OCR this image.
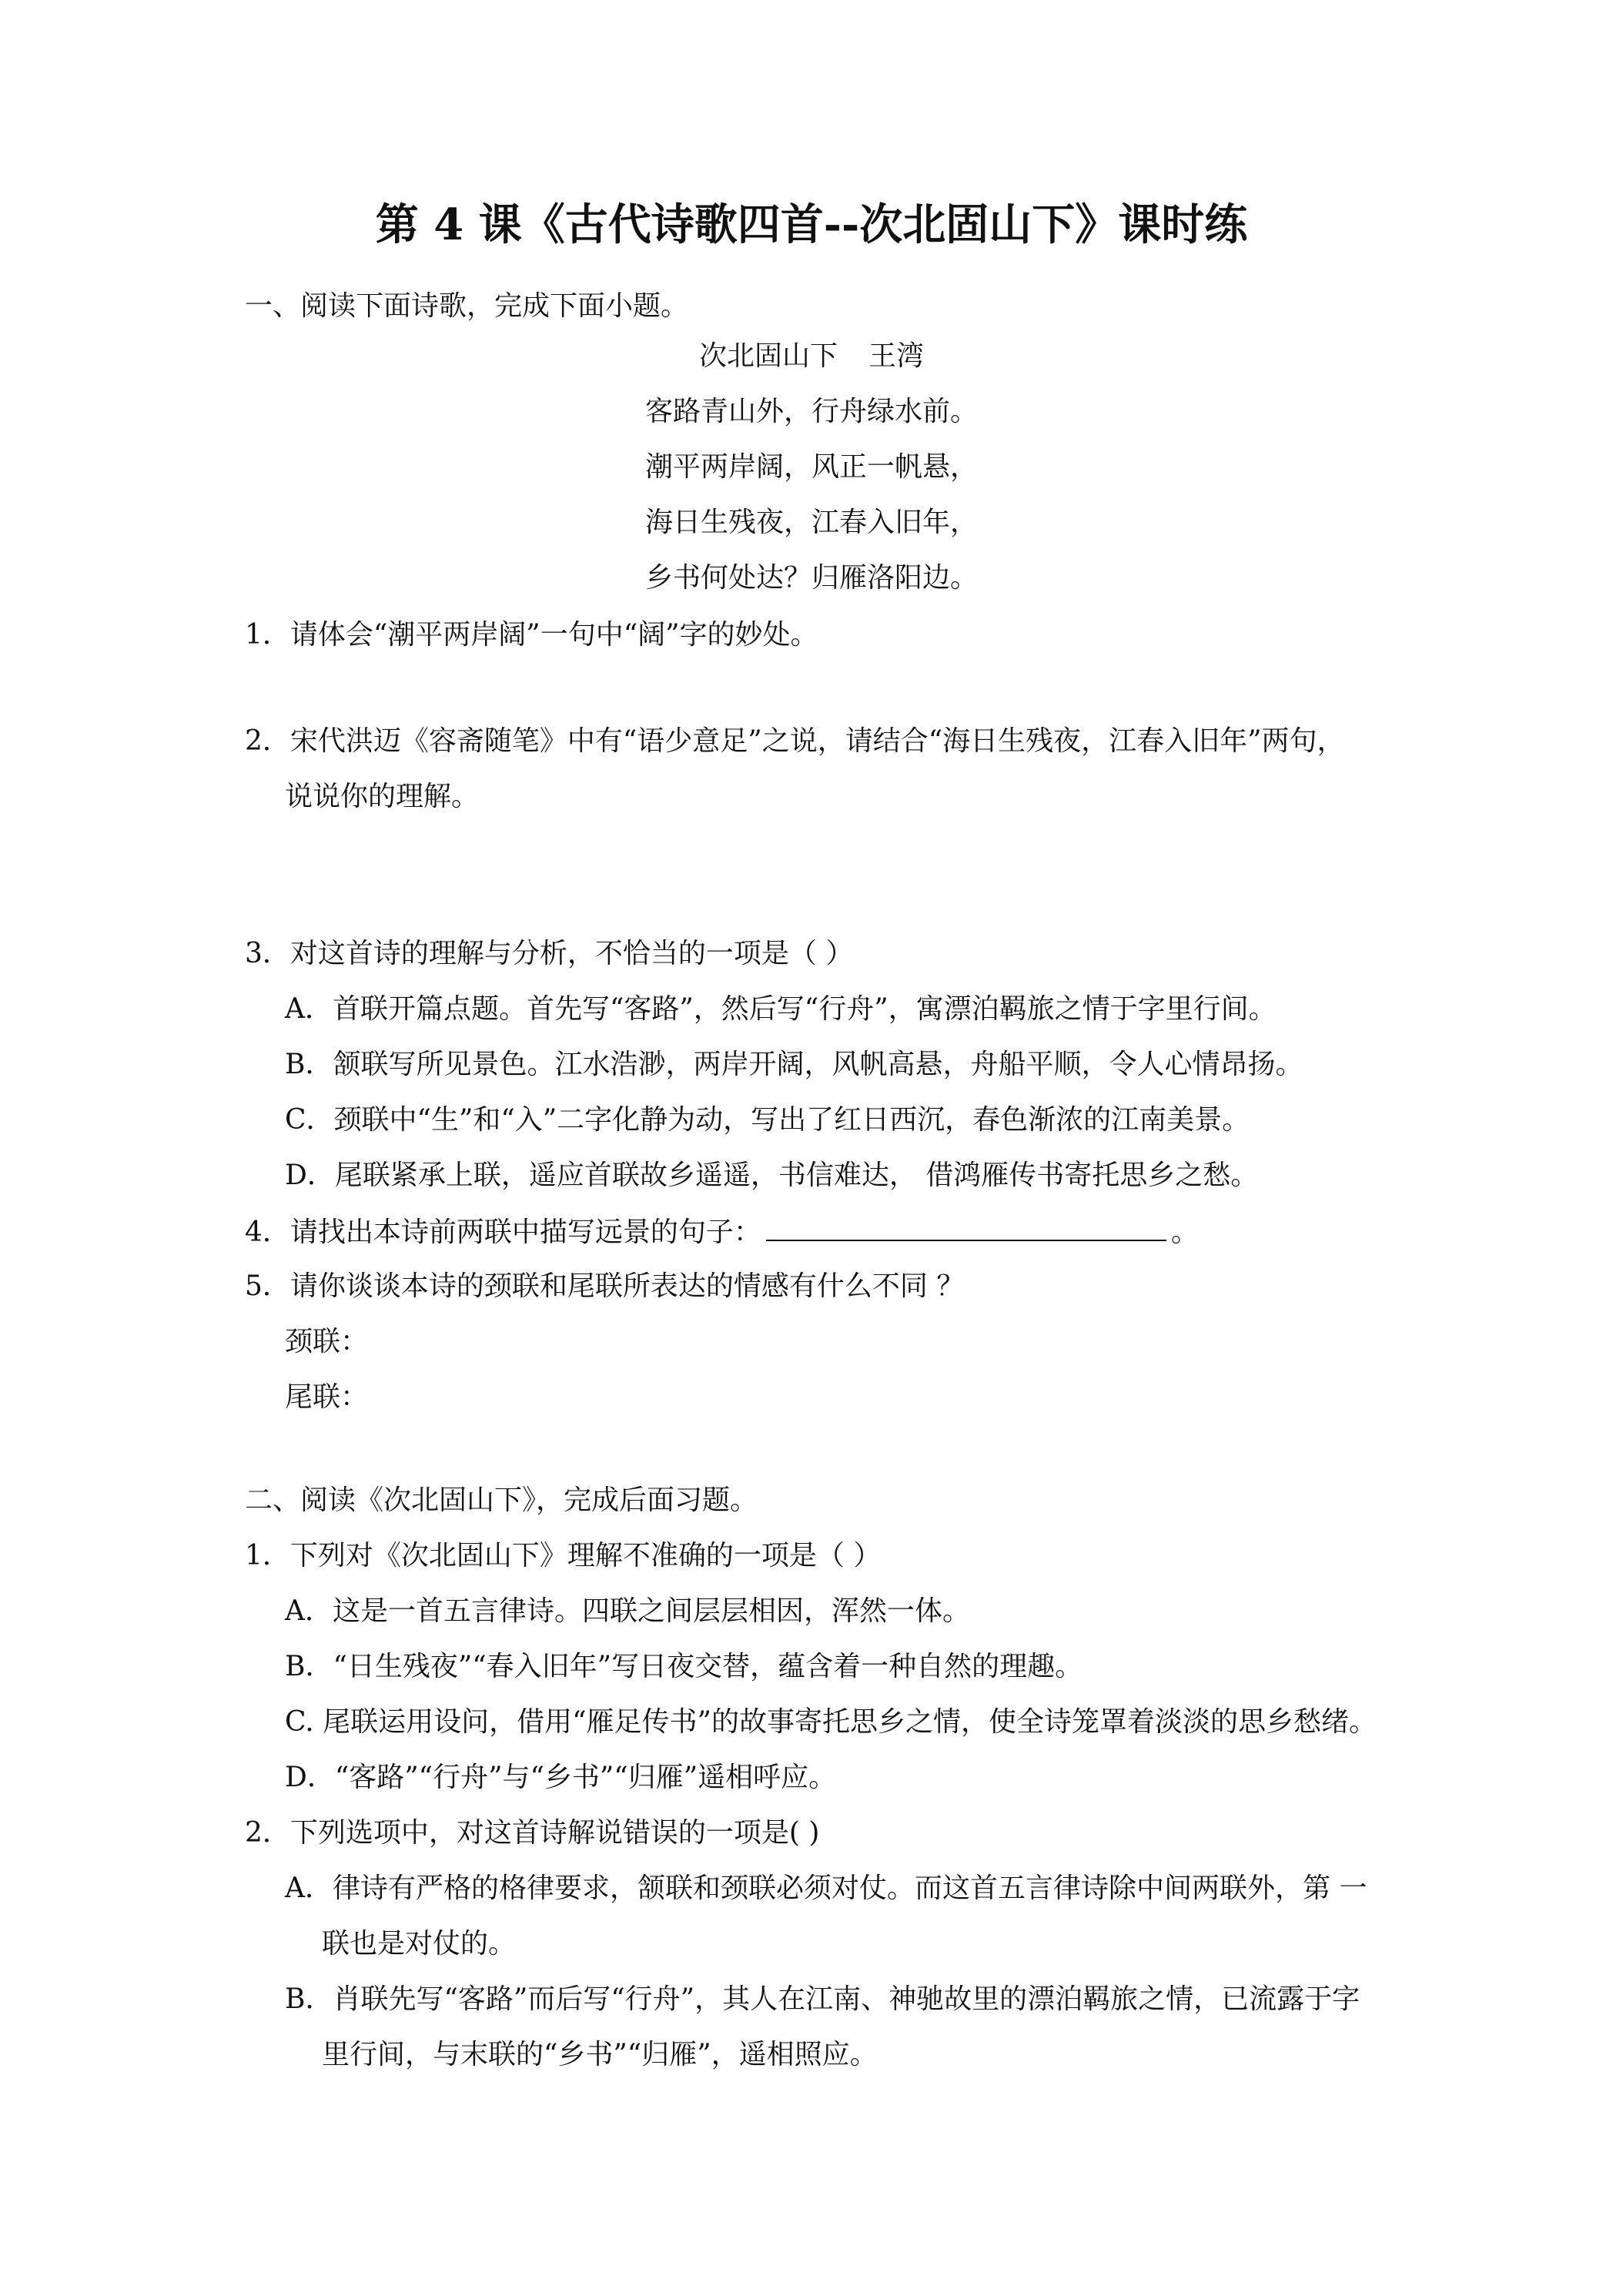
第 4 课《古代诗歌四首--次北固山下》课时练
一、阅读下面诗歌，完成下面小题。
次北固山下 王湾
客路青山外，行舟绿水前。
潮平两岸阔，风正一帆悬，
海日生残夜，江春入旧年，
乡书何处达？归雁洛阳边。
1．请体会“潮平两岸阔”一句中“阔”字的妙处。
2．宋代洪迈《容斋随笔》中有“语少意足”之说，请结合“海日生残夜，江春入旧年”两句，
说说你的理解。
3．对这首诗的理解与分析，不恰当的一项是（ ）
A．首联开篇点题。首先写“客路”，然后写“行舟”，寓漂泊羁旅之情于字里行间。
B．颔联写所见景色。江水浩渺，两岸开阔，风帆高悬，舟船平顺，令人心情昂扬。
C．颈联中“生”和“入”二字化静为动，写出了红日西沉，春色渐浓的江南美景。
D．尾联紧承上联，遥应首联故乡遥遥，书信难达， 借鸿雁传书寄托思乡之愁。
4．请找出本诗前两联中描写远景的句子：	。
5．请你谈谈本诗的颈联和尾联所表达的情感有什么不同 ？
颈联：
尾联：
二、阅读《次北固山下》，完成后面习题。
1．下列对《次北固山下》理解不准确的一项是（ ）
A．这是一首五言律诗。四联之间层层相因，浑然一体。
B．“日生残夜”“春入旧年”写日夜交替，蕴含着一种自然的理趣。
C. 尾联运用设问，借用“雁足传书”的故事寄托思乡之情，使全诗笼罩着淡淡的思乡愁绪。
D．“客路”“行舟”与“乡书”“归雁”遥相呼应。
2．下列选项中，对这首诗解说错误的一项是( )
A．律诗有严格的格律要求，颔联和颈联必须对仗。而这首五言律诗除中间两联外，第 一
联也是对仗的。
B．肖联先写“客路”而后写“行舟”，其人在江南、神驰故里的漂泊羁旅之情，已流露于字
里行间，与末联的“乡书”“归雁”，遥相照应。
